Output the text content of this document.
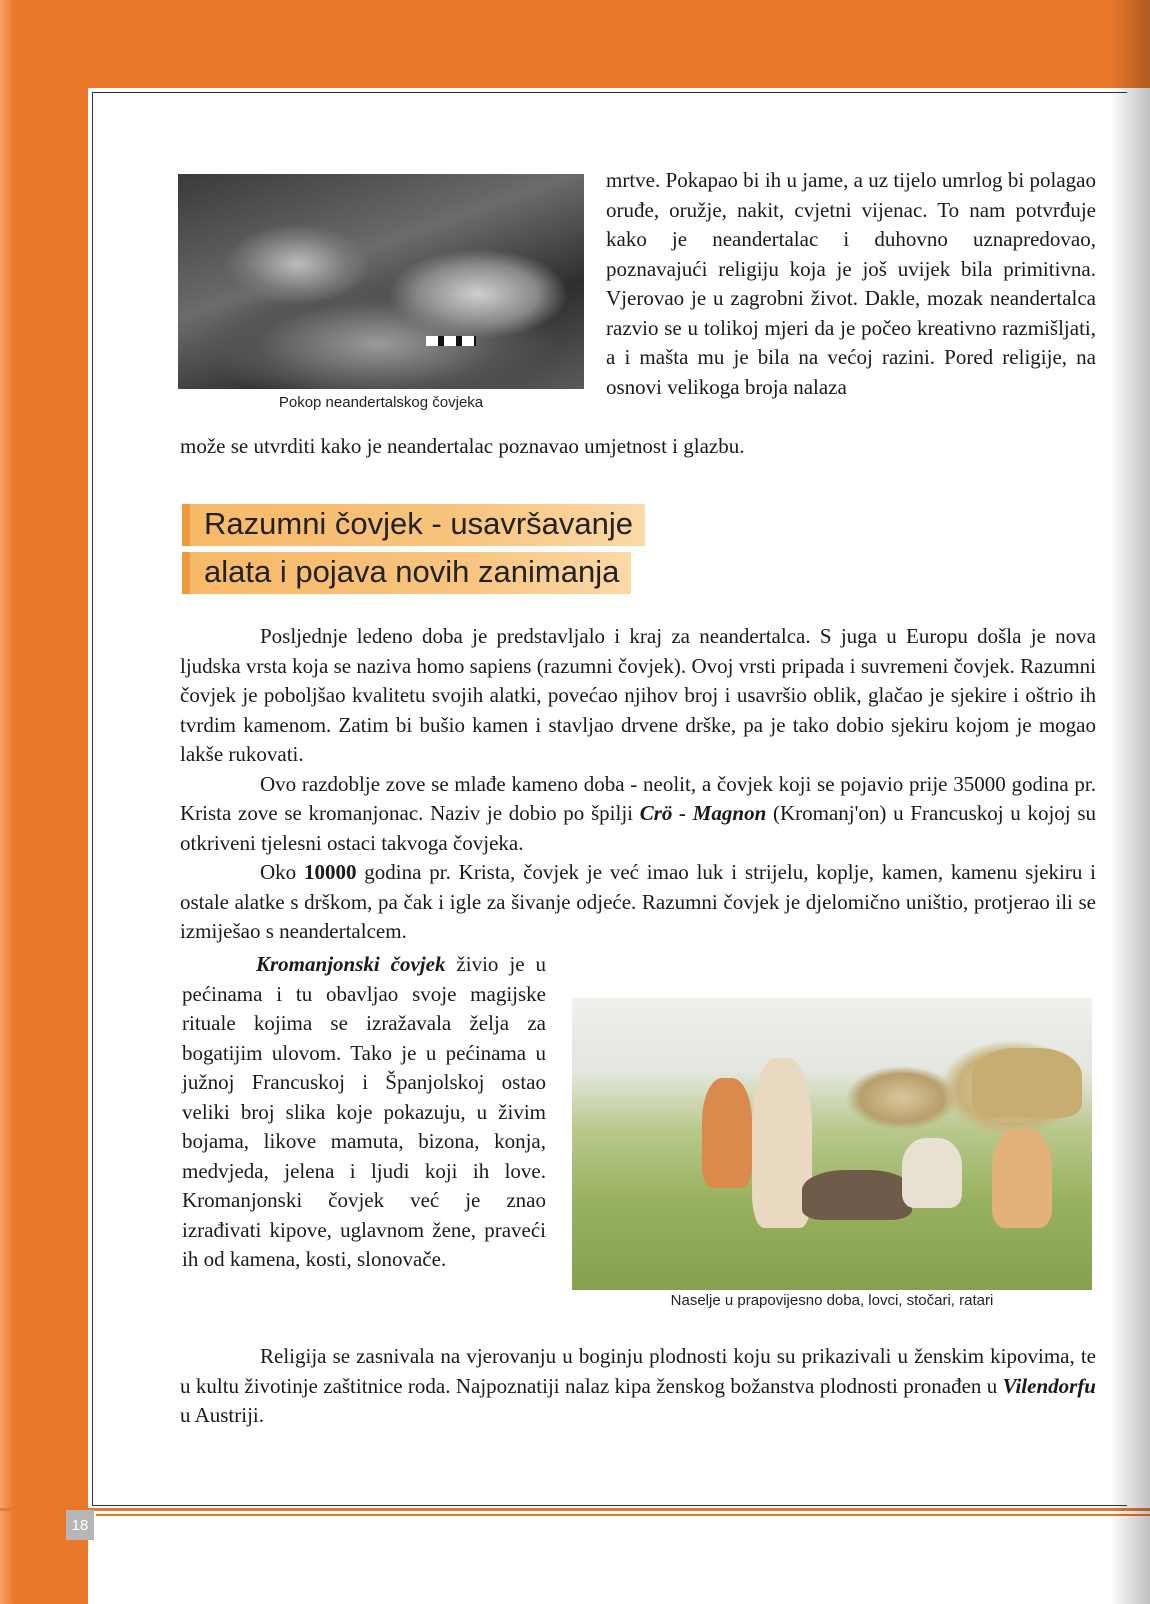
Pokop neandertalskog čovjeka

mrtve. Pokapao bi ih u jame, a uz tijelo umrlog bi polagao oruđe, oružje, nakit, cvjetni vijenac. To nam potvrđuje kako je neandertalac i duhovno uznapredovao, poznavajući religiju koja je još uvijek bila primitivna. Vjerovao je u zagrobni život. Dakle, mozak neandertalca razvio se u tolikoj mjeri da je počeo kreativno razmišljati, a i mašta mu je bila na većoj razini. Pored religije, na osnovi velikoga broja nalaza

može se utvrditi kako je neandertalac poznavao umjetnost i glazbu.

Razumni čovjek - usavršavanje
alata i pojava novih zanimanja

Posljednje ledeno doba je predstavljalo i kraj za neandertalca. S juga u Europu došla je nova ljudska vrsta koja se naziva homo sapiens (razumni čovjek). Ovoj vrsti pripada i suvremeni čovjek. Razumni čovjek je poboljšao kvalitetu svojih alatki, povećao njihov broj i usavršio oblik, glačao je sjekire i oštrio ih tvrdim kamenom. Zatim bi bušio kamen i stavljao drvene drške, pa je tako dobio sjekiru kojom je mogao lakše rukovati.

Ovo razdoblje zove se mlađe kameno doba - neolit, a čovjek koji se pojavio prije 35000 godina pr. Krista zove se kromanjonac. Naziv je dobio po špilji Crö - Magnon (Kromanj'on) u Francuskoj u kojoj su otkriveni tjelesni ostaci takvoga čovjeka.

Oko 10000 godina pr. Krista, čovjek je već imao luk i strijelu, koplje, kamen, kamenu sjekiru i ostale alatke s drškom, pa čak i igle za šivanje odjeće. Razumni čovjek je djelomično uništio, protjerao ili se izmiješao s neandertalcem.

Kromanjonski čovjek živio je u pećinama i tu obavljao svoje magijske rituale kojima se izražavala želja za bogatijim ulovom. Tako je u pećinama u južnoj Francuskoj i Španjolskoj ostao veliki broj slika koje pokazuju, u živim bojama, likove mamuta, bizona, konja, medvjeda, jelena i ljudi koji ih love. Kromanjonski čovjek već je znao izrađivati kipove, uglavnom žene, praveći ih od kamena, kosti, slonovače.

Naselje u prapovijesno doba, lovci, stočari, ratari

Religija se zasnivala na vjerovanju u boginju plodnosti koju su prikazivali u ženskim kipovima, te u kultu životinje zaštitnice roda. Najpoznatiji nalaz kipa ženskog božanstva plodnosti pronađen u Vilendorfu u Austriji.

18
